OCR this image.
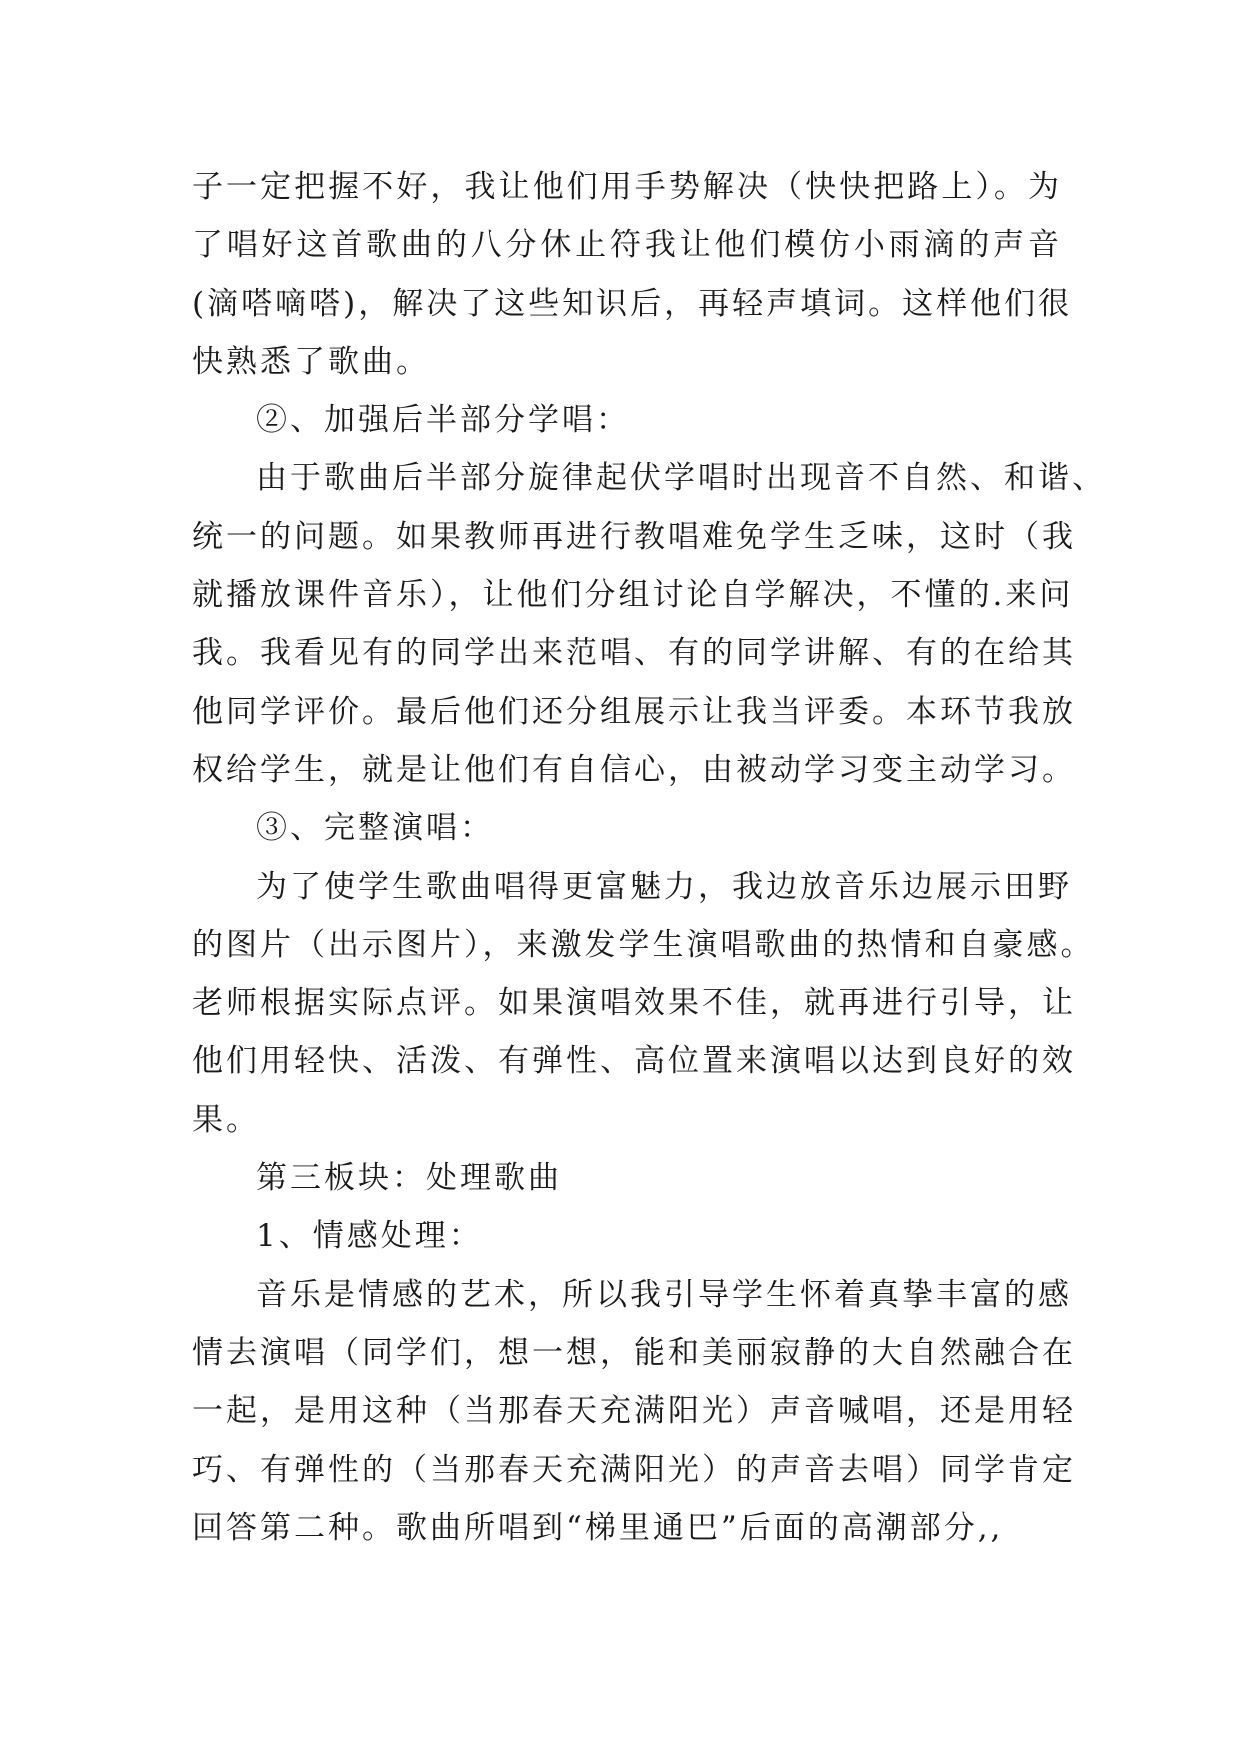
子一定把握不好，我让他们用手势解决（快快把路上）。为
了唱好这首歌曲的八分休止符我让他们模仿小雨滴的声音
(滴嗒嘀嗒)，解决了这些知识后，再轻声填词。这样他们很
快熟悉了歌曲。
②、加强后半部分学唱：
由于歌曲后半部分旋律起伏学唱时出现音不自然、和谐、
统一的问题。如果教师再进行教唱难免学生乏味，这时（我
就播放课件音乐），让他们分组讨论自学解决，不懂的.来问
我。我看见有的同学出来范唱、有的同学讲解、有的在给其
他同学评价。最后他们还分组展示让我当评委。本环节我放
权给学生，就是让他们有自信心，由被动学习变主动学习。
③、完整演唱：
为了使学生歌曲唱得更富魅力，我边放音乐边展示田野
的图片（出示图片），来激发学生演唱歌曲的热情和自豪感。
老师根据实际点评。如果演唱效果不佳，就再进行引导，让
他们用轻快、活泼、有弹性、高位置来演唱以达到良好的效
果。
第三板块：处理歌曲
1、情感处理：
音乐是情感的艺术，所以我引导学生怀着真挚丰富的感
情去演唱（同学们，想一想，能和美丽寂静的大自然融合在
一起，是用这种（当那春天充满阳光）声音喊唱，还是用轻
巧、有弹性的（当那春天充满阳光）的声音去唱）同学肯定
回答第二种。歌曲所唱到“梯里通巴”后面的高潮部分,,
